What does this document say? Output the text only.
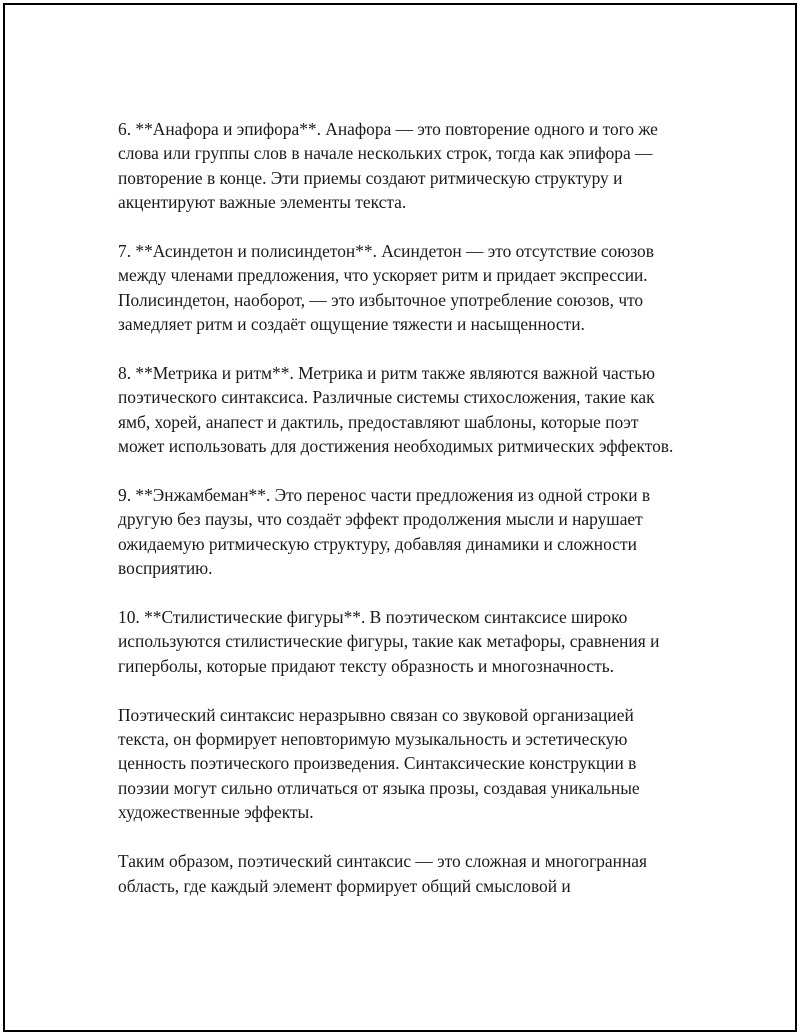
6. **Анафора и эпифора**. Анафора — это повторение одного и того же слова или группы слов в начале нескольких строк, тогда как эпифора — повторение в конце. Эти приемы создают ритмическую структуру и акцентируют важные элементы текста.

7. **Асиндетон и полисиндетон**. Асиндетон — это отсутствие союзов между членами предложения, что ускоряет ритм и придает экспрессии. Полисиндетон, наоборот, — это избыточное употребление союзов, что замедляет ритм и создаёт ощущение тяжести и насыщенности.

8. **Метрика и ритм**. Метрика и ритм также являются важной частью поэтического синтаксиса. Различные системы стихосложения, такие как ямб, хорей, анапест и дактиль, предоставляют шаблоны, которые поэт может использовать для достижения необходимых ритмических эффектов.

9. **Энжамбеман**. Это перенос части предложения из одной строки в другую без паузы, что создаёт эффект продолжения мысли и нарушает ожидаемую ритмическую структуру, добавляя динамики и сложности восприятию.

10. **Стилистические фигуры**. В поэтическом синтаксисе широко используются стилистические фигуры, такие как метафоры, сравнения и гиперболы, которые придают тексту образность и многозначность.

Поэтический синтаксис неразрывно связан со звуковой организацией текста, он формирует неповторимую музыкальность и эстетическую ценность поэтического произведения. Синтаксические конструкции в поэзии могут сильно отличаться от языка прозы, создавая уникальные художественные эффекты.

Таким образом, поэтический синтаксис — это сложная и многогранная область, где каждый элемент формирует общий смысловой и
